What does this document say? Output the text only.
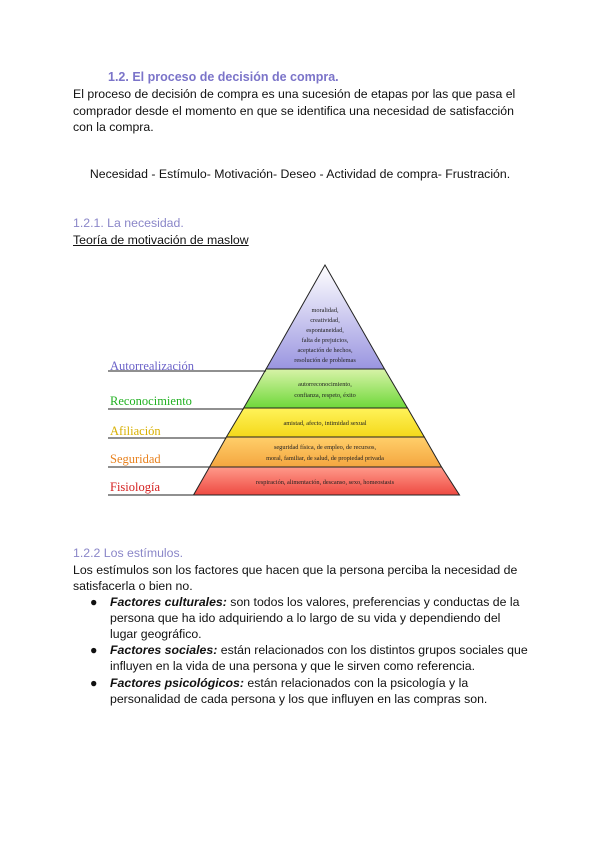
1.2. El proceso de decisión de compra.
El proceso de decisión de compra es una sucesión de etapas por las que pasa el comprador desde el momento en que se identifica una necesidad de satisfacción con la compra.
Necesidad - Estímulo- Motivación- Deseo - Actividad de compra- Frustración.
1.2.1. La necesidad.
Teoría de motivación de maslow
Autorrealización
Reconocimiento
Afiliación
Seguridad
Fisiología
moralidad,
creatividad,
espontaneidad,
falta de prejuicios,
aceptación de hechos,
resolución de problemas
autorreconocimiento,
confianza, respeto, éxito
amistad, afecto, intimidad sexual
seguridad física, de empleo, de recursos,
moral, familiar, de salud, de propiedad privada
respiración, alimentación, descanso, sexo, homeostasis
1.2.2 Los estímulos.
Los estímulos son los factores que hacen que la persona perciba la necesidad de satisfacerla o bien no.
● Factores culturales: son todos los valores, preferencias y conductas de la persona que ha ido adquiriendo a lo largo de su vida y dependiendo del lugar geográfico.
● Factores sociales: están relacionados con los distintos grupos sociales que influyen en la vida de una persona y que le sirven como referencia.
● Factores psicológicos: están relacionados con la psicología y la personalidad de cada persona y los que influyen en las compras son.
